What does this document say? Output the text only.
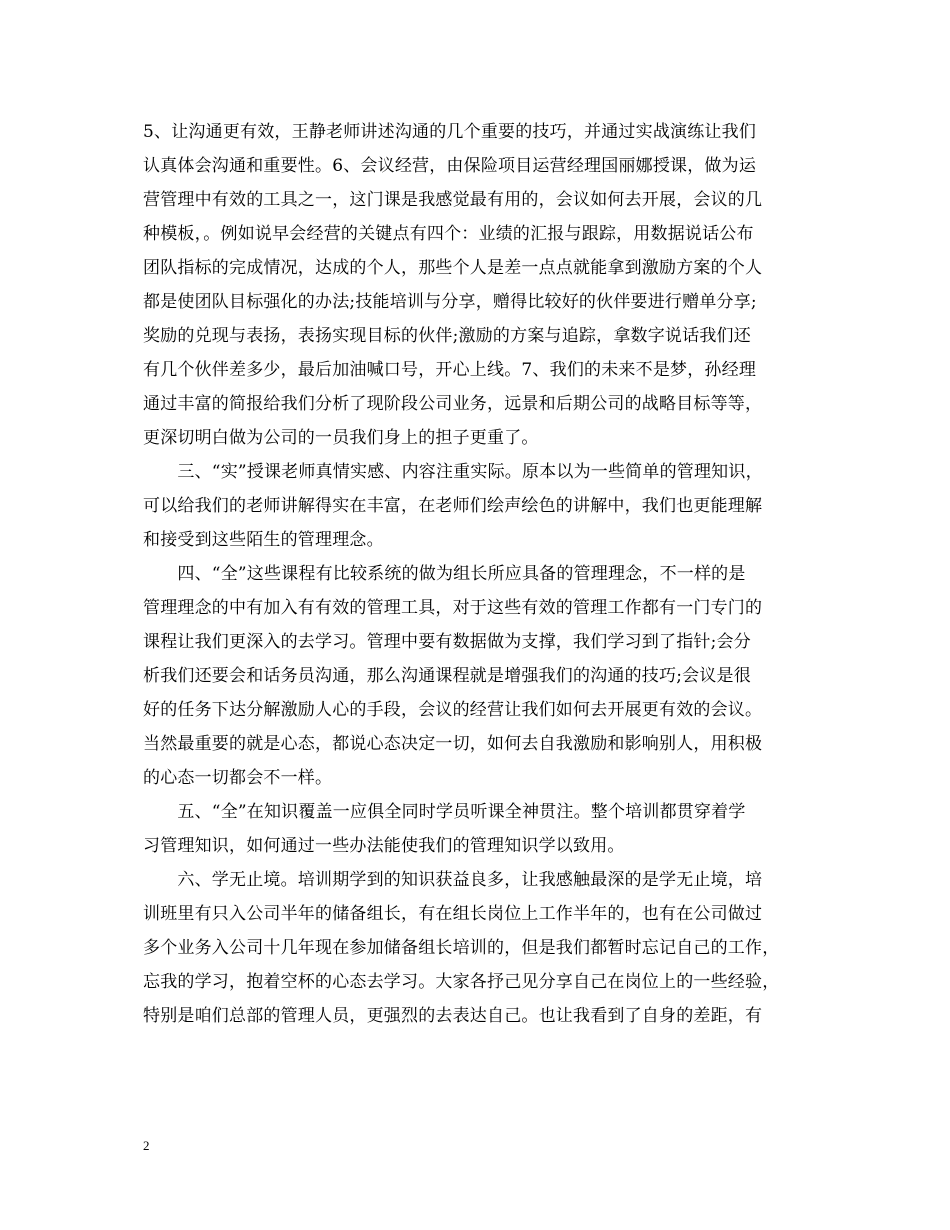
5、让沟通更有效，王静老师讲述沟通的几个重要的技巧，并通过实战演练让我们
认真体会沟通和重要性。6、会议经营，由保险项目运营经理国丽娜授课，做为运
营管理中有效的工具之一，这门课是我感觉最有用的，会议如何去开展，会议的几
种模板，。例如说早会经营的关键点有四个：业绩的汇报与跟踪，用数据说话公布
团队指标的完成情况，达成的个人，那些个人是差一点点就能拿到激励方案的个人
都是使团队目标强化的办法;技能培训与分享，赠得比较好的伙伴要进行赠单分享;
奖励的兑现与表扬，表扬实现目标的伙伴;激励的方案与追踪，拿数字说话我们还
有几个伙伴差多少，最后加油喊口号，开心上线。7、我们的未来不是梦，孙经理
通过丰富的简报给我们分析了现阶段公司业务，远景和后期公司的战略目标等等，
更深切明白做为公司的一员我们身上的担子更重了。
　　三、“实”授课老师真情实感、内容注重实际。原本以为一些简单的管理知识，
可以给我们的老师讲解得实在丰富，在老师们绘声绘色的讲解中，我们也更能理解
和接受到这些陌生的管理理念。
　　四、“全”这些课程有比较系统的做为组长所应具备的管理理念，不一样的是
管理理念的中有加入有有效的管理工具，对于这些有效的管理工作都有一门专门的
课程让我们更深入的去学习。管理中要有数据做为支撑，我们学习到了指针;会分
析我们还要会和话务员沟通，那么沟通课程就是增强我们的沟通的技巧;会议是很
好的任务下达分解激励人心的手段，会议的经营让我们如何去开展更有效的会议。
当然最重要的就是心态，都说心态决定一切，如何去自我激励和影响别人，用积极
的心态一切都会不一样。
　　五、“全”在知识覆盖一应俱全同时学员听课全神贯注。整个培训都贯穿着学
习管理知识，如何通过一些办法能使我们的管理知识学以致用。
　　六、学无止境。培训期学到的知识获益良多，让我感触最深的是学无止境，培
训班里有只入公司半年的储备组长，有在组长岗位上工作半年的，也有在公司做过
多个业务入公司十几年现在参加储备组长培训的，但是我们都暂时忘记自己的工作，
忘我的学习，抱着空杯的心态去学习。大家各抒己见分享自己在岗位上的一些经验，
特别是咱们总部的管理人员，更强烈的去表达自己。也让我看到了自身的差距，有
2
